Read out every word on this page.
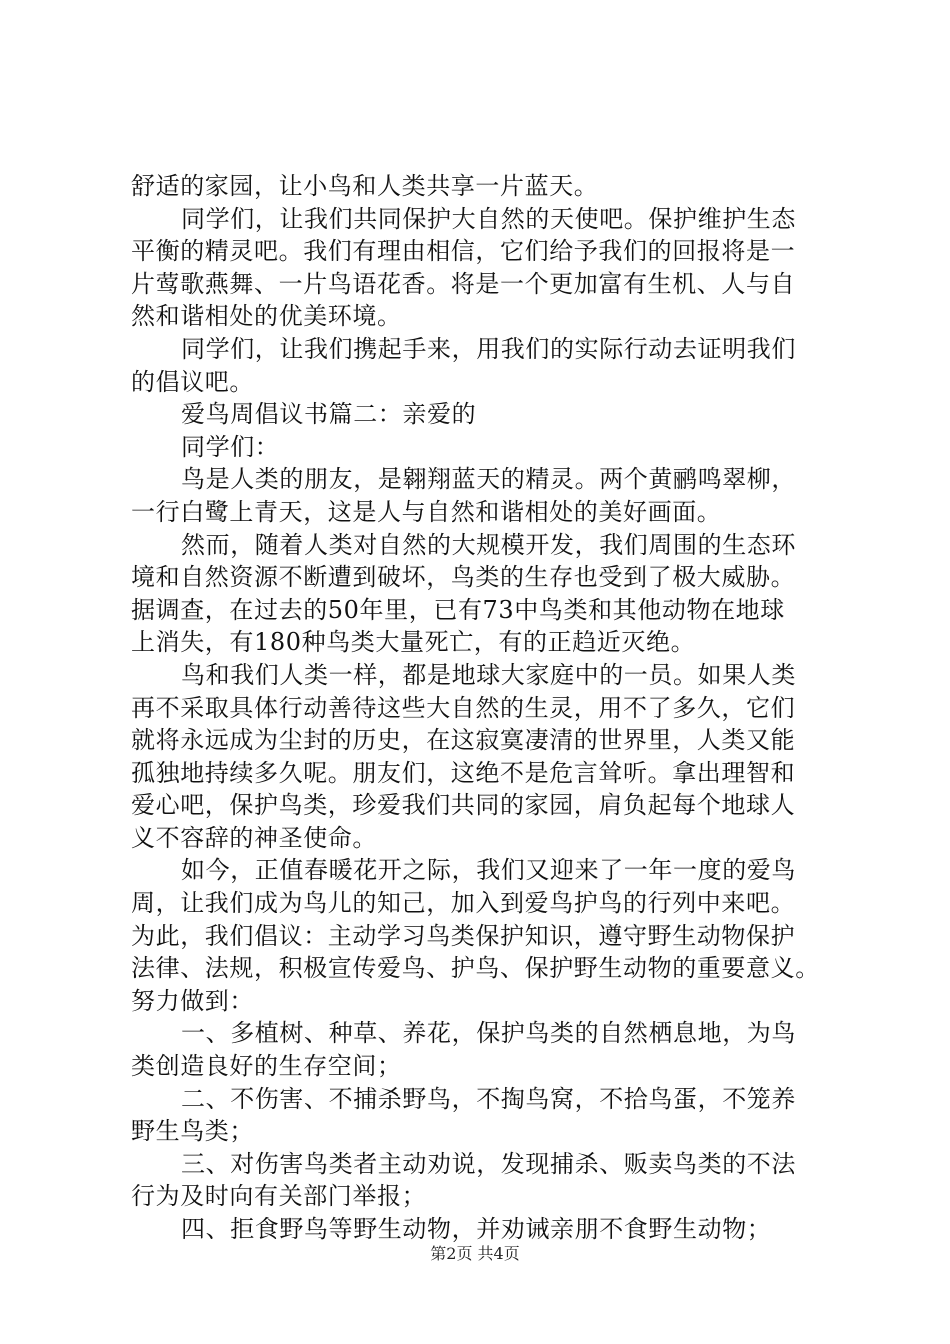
舒适的家园，让小鸟和人类共享一片蓝天。
同学们，让我们共同保护大自然的天使吧。保护维护生态
平衡的精灵吧。我们有理由相信，它们给予我们的回报将是一
片莺歌燕舞、一片鸟语花香。将是一个更加富有生机、人与自
然和谐相处的优美环境。
同学们，让我们携起手来，用我们的实际行动去证明我们
的倡议吧。
爱鸟周倡议书篇二：亲爱的
同学们：
鸟是人类的朋友，是翱翔蓝天的精灵。两个黄鹂鸣翠柳，
一行白鹭上青天，这是人与自然和谐相处的美好画面。
然而，随着人类对自然的大规模开发，我们周围的生态环
境和自然资源不断遭到破坏，鸟类的生存也受到了极大威胁。
据调查，在过去的50年里，已有73中鸟类和其他动物在地球
上消失，有180种鸟类大量死亡，有的正趋近灭绝。
鸟和我们人类一样，都是地球大家庭中的一员。如果人类
再不采取具体行动善待这些大自然的生灵，用不了多久，它们
就将永远成为尘封的历史，在这寂寞凄清的世界里，人类又能
孤独地持续多久呢。朋友们，这绝不是危言耸听。拿出理智和
爱心吧，保护鸟类，珍爱我们共同的家园，肩负起每个地球人
义不容辞的神圣使命。
如今，正值春暖花开之际，我们又迎来了一年一度的爱鸟
周，让我们成为鸟儿的知己，加入到爱鸟护鸟的行列中来吧。
为此，我们倡议：主动学习鸟类保护知识，遵守野生动物保护
法律、法规，积极宣传爱鸟、护鸟、保护野生动物的重要意义。
努力做到：
一、多植树、种草、养花，保护鸟类的自然栖息地，为鸟
类创造良好的生存空间；
二、不伤害、不捕杀野鸟，不掏鸟窝，不拾鸟蛋，不笼养
野生鸟类；
三、对伤害鸟类者主动劝说，发现捕杀、贩卖鸟类的不法
行为及时向有关部门举报；
四、拒食野鸟等野生动物，并劝诫亲朋不食野生动物；
第2页 共4页
